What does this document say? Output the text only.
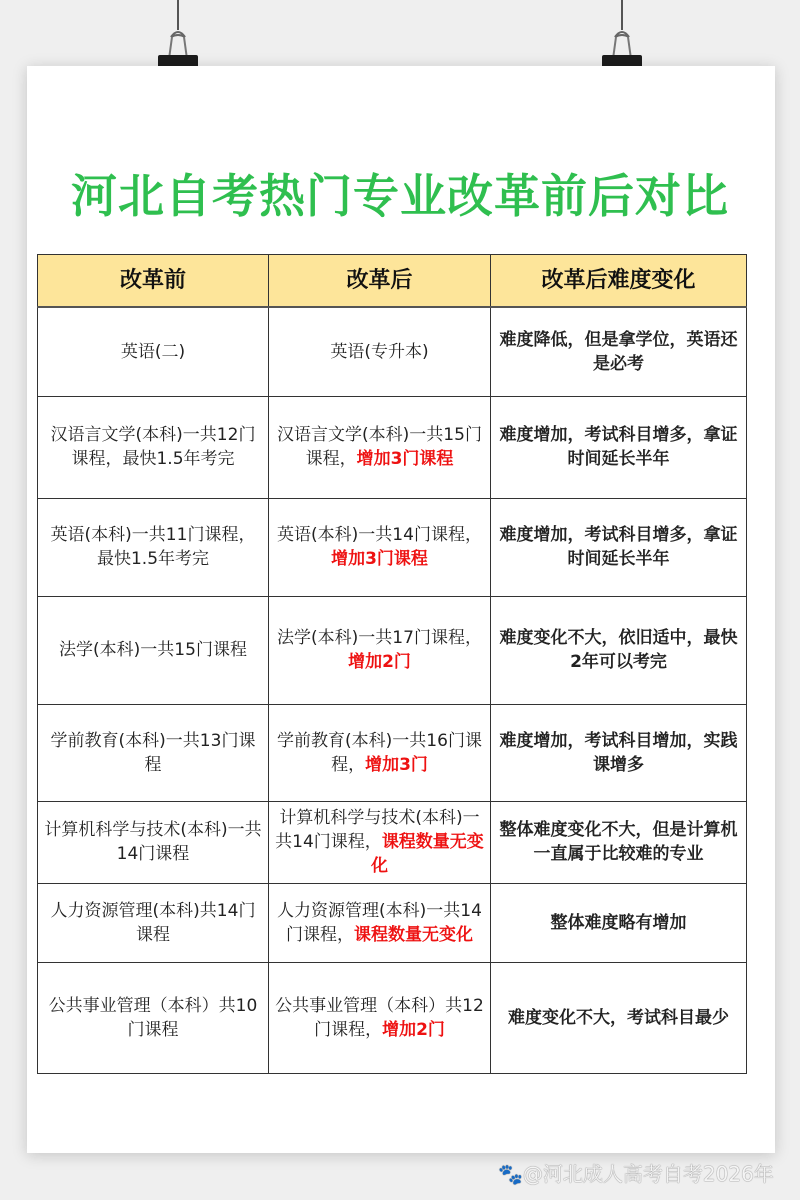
河北自考热门专业改革前后对比
改革前	改革后	改革后难度变化
英语(二)	英语(专升本)	难度降低，但是拿学位，英语还是必考
汉语言文学(本科)一共12门课程，最快1.5年考完	汉语言文学(本科)一共15门课程，增加3门课程	难度增加，考试科目增多，拿证时间延长半年
英语(本科)一共11门课程，最快1.5年考完	英语(本科)一共14门课程，增加3门课程	难度增加，考试科目增多，拿证时间延长半年
法学(本科)一共15门课程	法学(本科)一共17门课程，增加2门	难度变化不大，依旧适中，最快2年可以考完
学前教育(本科)一共13门课程	学前教育(本科)一共16门课程，增加3门	难度增加，考试科目增加，实践课增多
计算机科学与技术(本科)一共14门课程	计算机科学与技术(本科)一共14门课程，课程数量无变化	整体难度变化不大，但是计算机一直属于比较难的专业
人力资源管理(本科)共14门课程	人力资源管理(本科)一共14门课程，课程数量无变化	整体难度略有增加
公共事业管理（本科）共10门课程	公共事业管理（本科）共12门课程，增加2门	难度变化不大，考试科目最少
🐾@河北成人高考自考2026年
